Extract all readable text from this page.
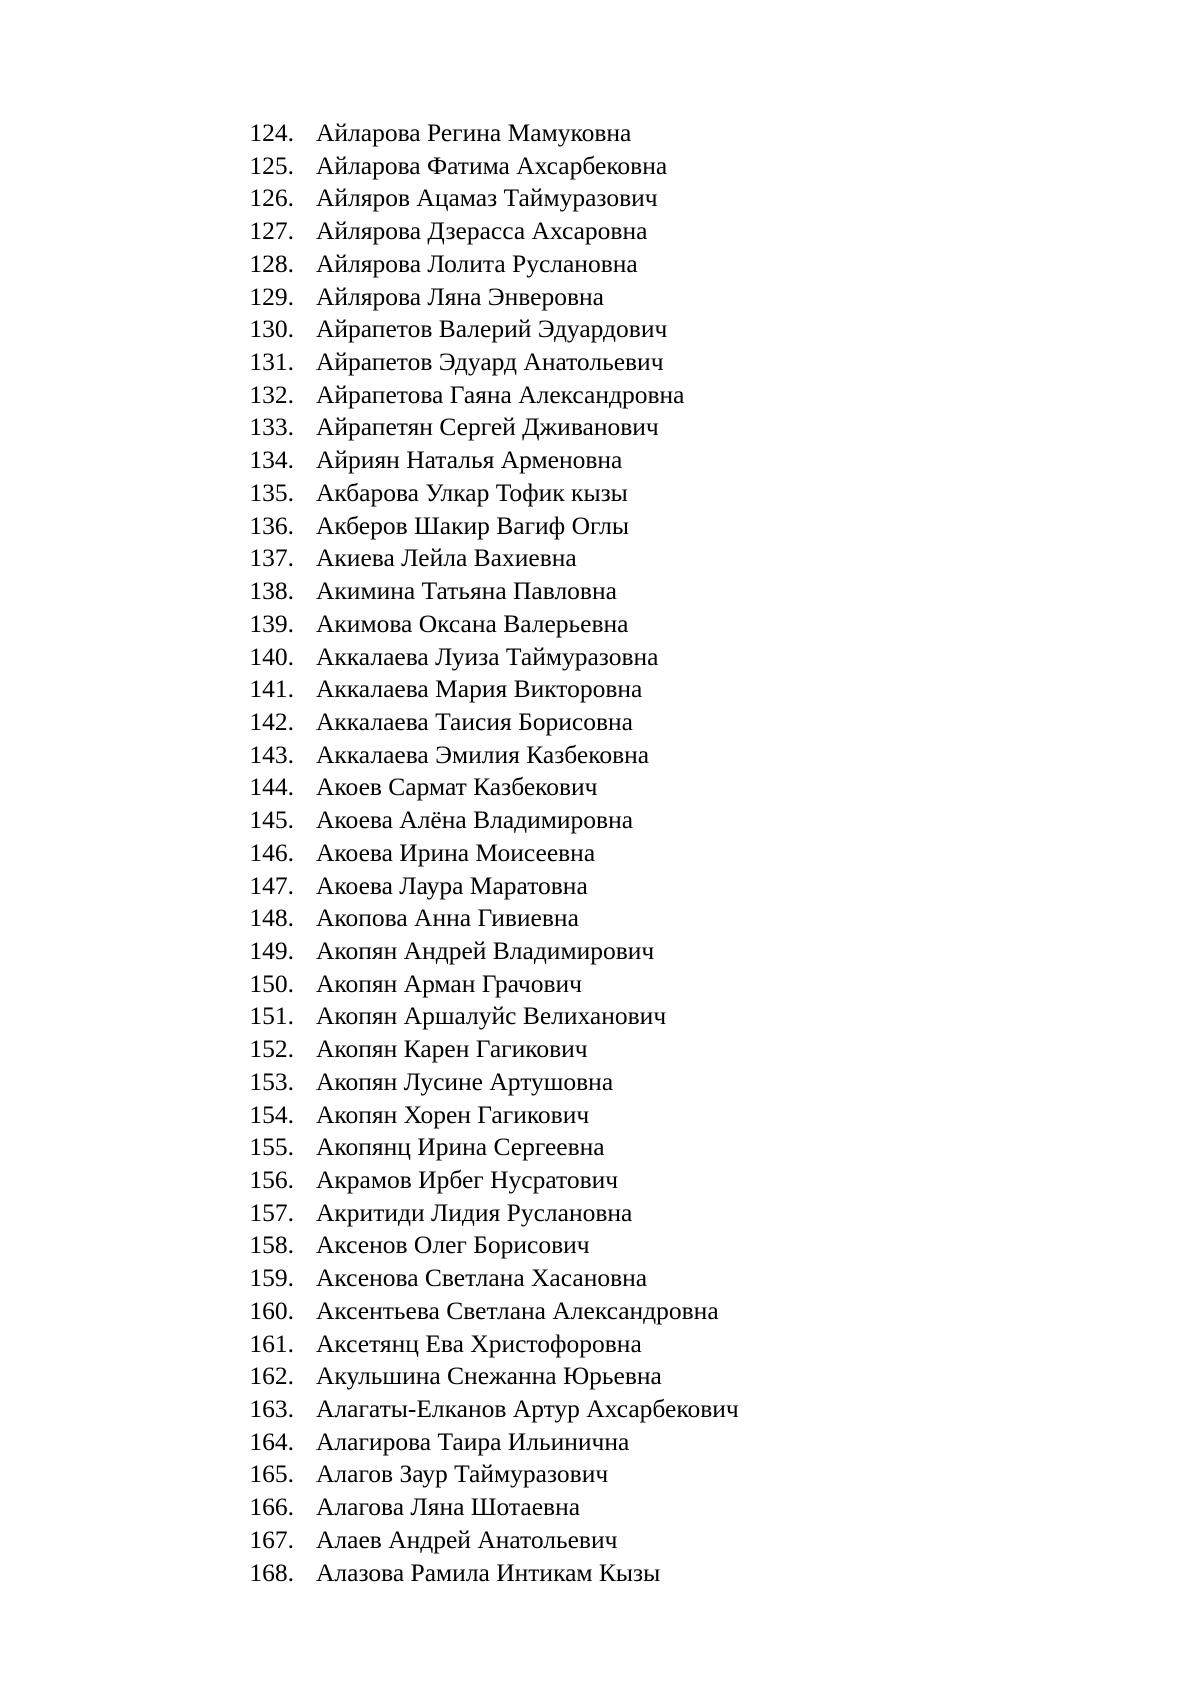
124. Айларова Регина Мамуковна
125. Айларова Фатима Ахсарбековна
126. Айляров Ацамаз Таймуразович
127. Айлярова Дзерасса Ахсаровна
128. Айлярова Лолита Руслановна
129. Айлярова Ляна Энверовна
130. Айрапетов Валерий Эдуардович
131. Айрапетов Эдуард Анатольевич
132. Айрапетова Гаяна Александровна
133. Айрапетян Сергей Дживанович
134. Айриян Наталья Арменовна
135. Акбарова Улкар Тофик кызы
136. Акберов Шакир Вагиф Оглы
137. Акиева Лейла Вахиевна
138. Акимина Татьяна Павловна
139. Акимова Оксана Валерьевна
140. Аккалаева Луиза Таймуразовна
141. Аккалаева Мария Викторовна
142. Аккалаева Таисия Борисовна
143. Аккалаева Эмилия Казбековна
144. Акоев Сармат Казбекович
145. Акоева Алёна Владимировна
146. Акоева Ирина Моисеевна
147. Акоева Лаура Маратовна
148. Акопова Анна Гивиевна
149. Акопян Андрей Владимирович
150. Акопян Арман Грачович
151. Акопян Аршалуйс Велиханович
152. Акопян Карен Гагикович
153. Акопян Лусине Артушовна
154. Акопян Хорен Гагикович
155. Акопянц Ирина Сергеевна
156. Акрамов Ирбег Нусратович
157. Акритиди Лидия Руслановна
158. Аксенов Олег Борисович
159. Аксенова Светлана Хасановна
160. Аксентьева Светлана Александровна
161. Аксетянц Ева Христофоровна
162. Акульшина Снежанна Юрьевна
163. Алагаты-Елканов Артур Ахсарбекович
164. Алагирова Таира Ильинична
165. Алагов Заур Таймуразович
166. Алагова Ляна Шотаевна
167. Алаев Андрей Анатольевич
168. Алазова Рамила Интикам Кызы
